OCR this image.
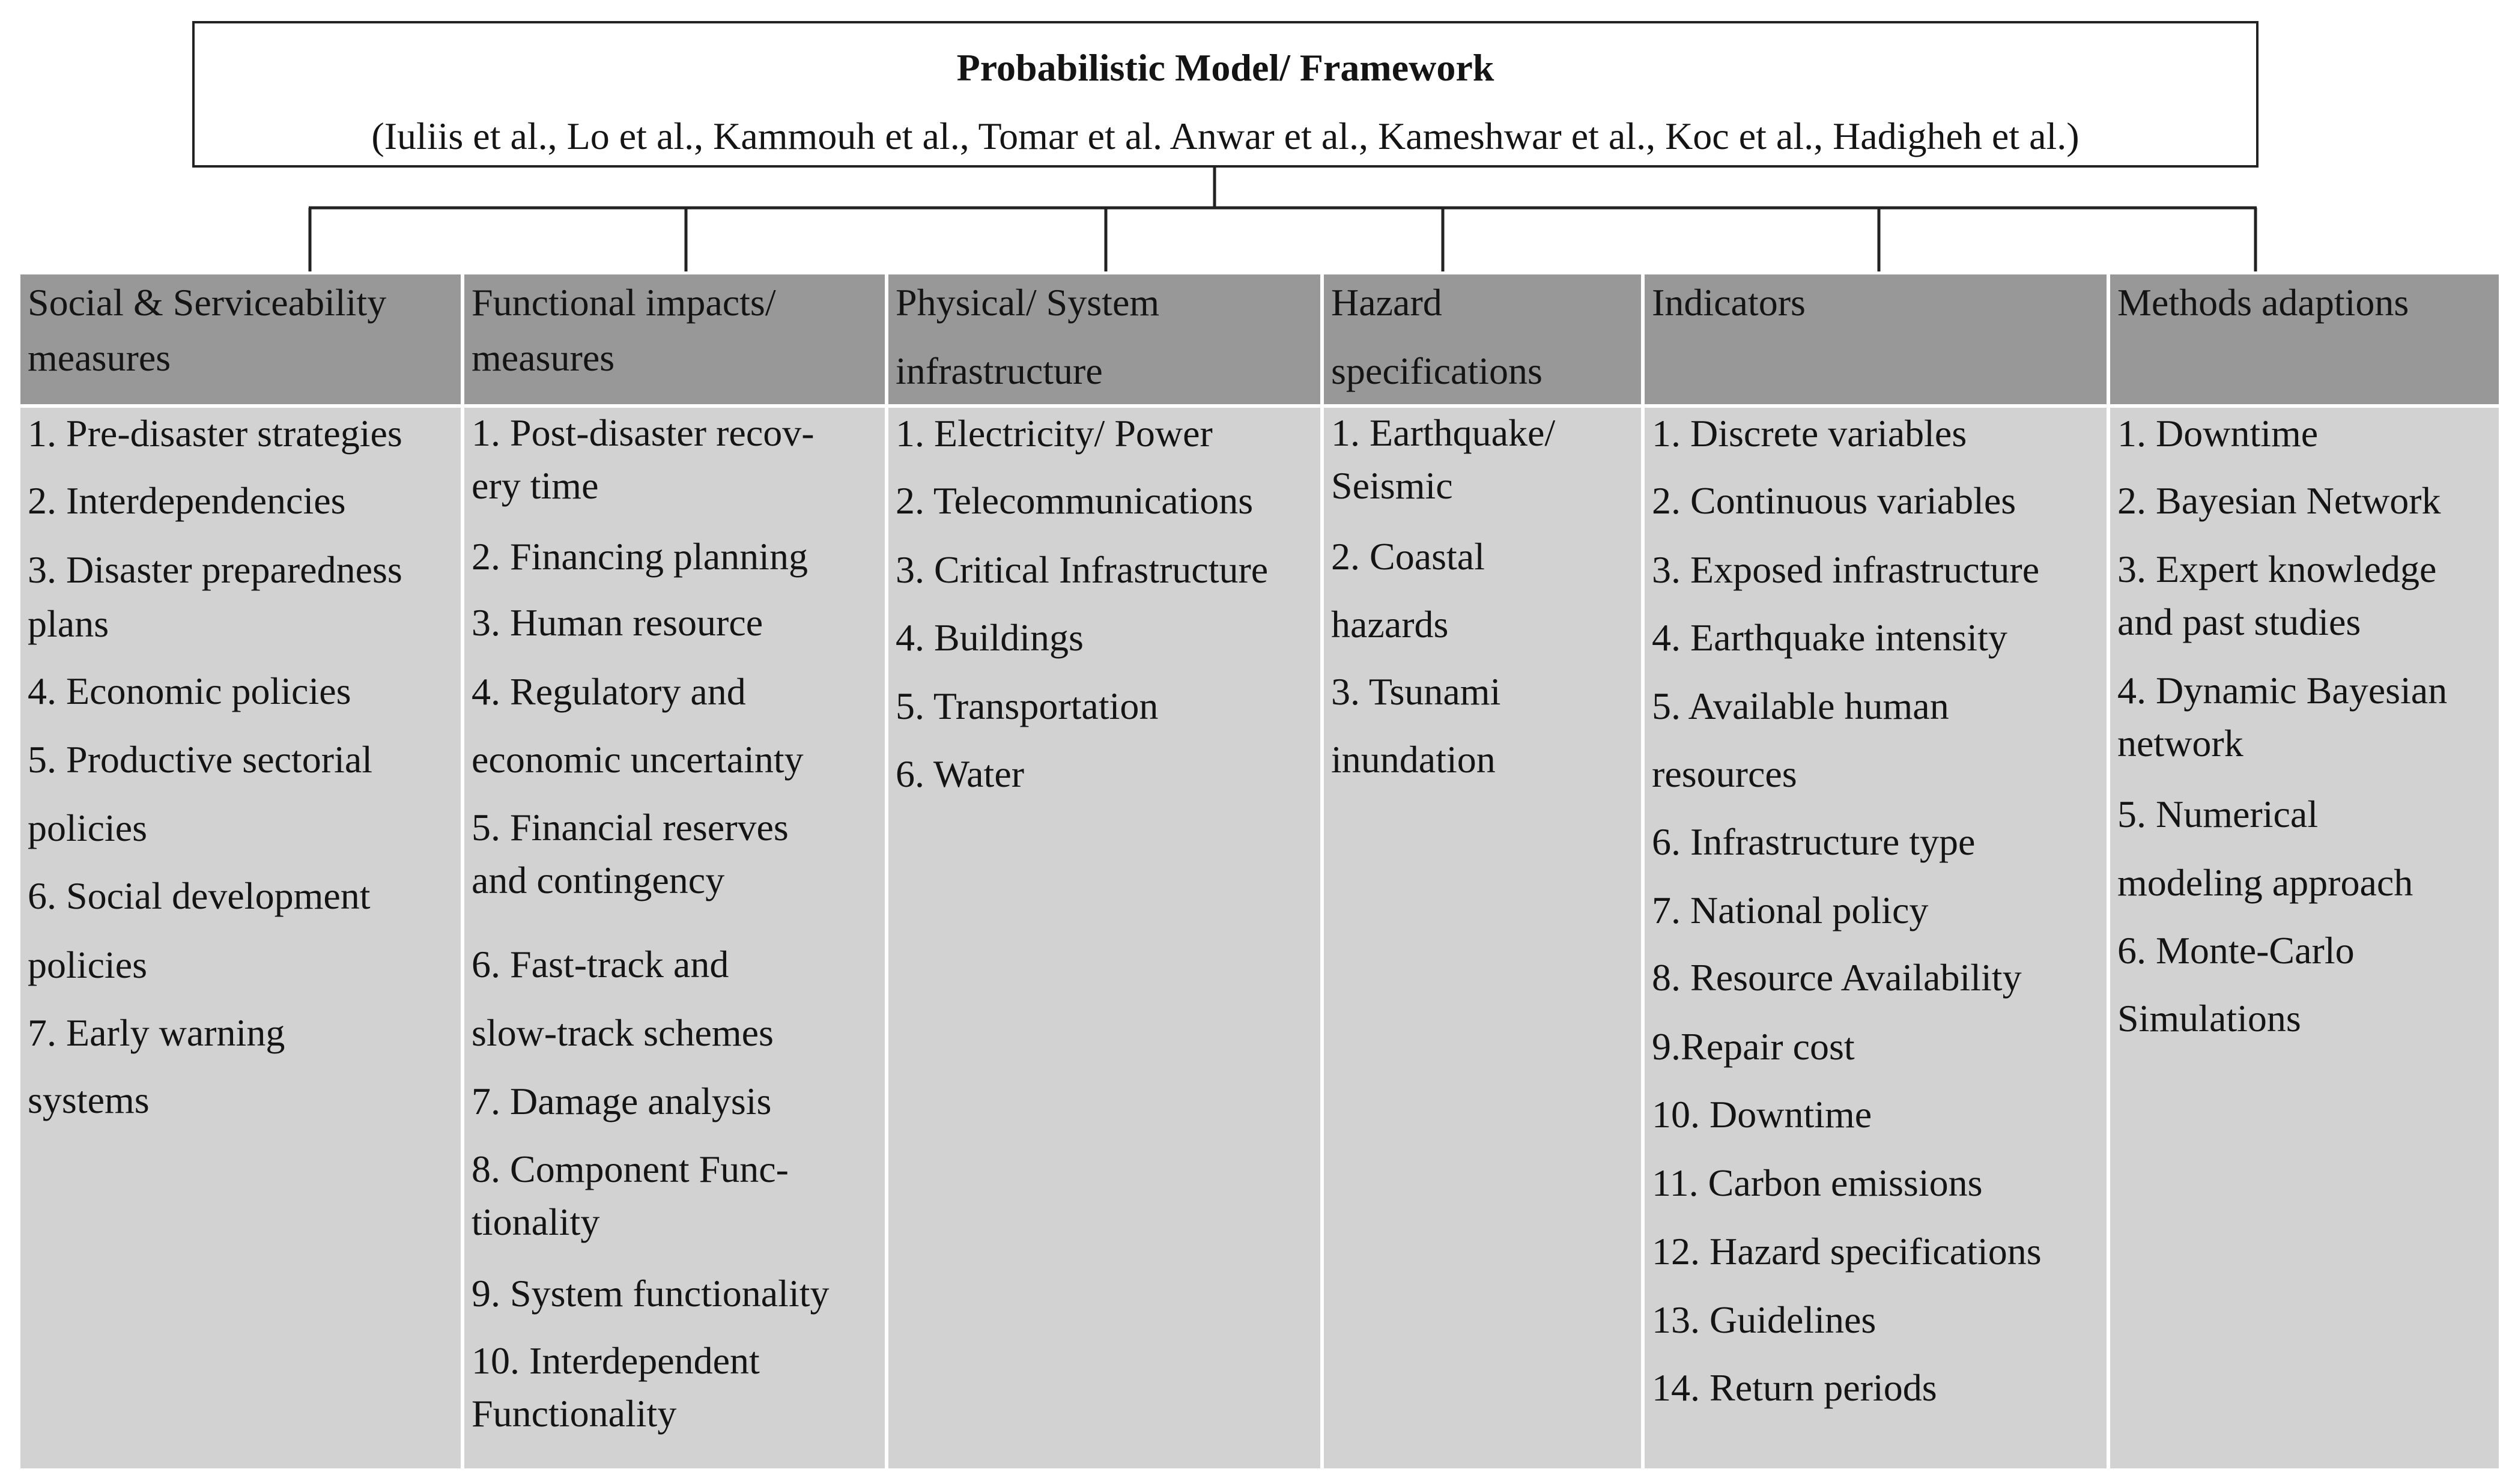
Probabilistic Model/ Framework
(Iuliis et al., Lo et al., Kammouh et al., Tomar et al. Anwar et al., Kameshwar et al., Koc et al., Hadigheh et al.)
Social & Serviceability
measures
1. Pre-disaster strategies
2. Interdependencies
3. Disaster preparedness
plans
4. Economic policies
5. Productive sectorial
policies
6. Social development
policies
7. Early warning
systems
Functional impacts/
measures
1. Post-disaster recov-
ery time
2. Financing planning
3. Human resource
4. Regulatory and
economic uncertainty
5. Financial reserves
and contingency
6. Fast-track and
slow-track schemes
7. Damage analysis
8. Component Func-
tionality
9. System functionality
10. Interdependent
Functionality
Physical/ System
infrastructure
1. Electricity/ Power
2. Telecommunications
3. Critical Infrastructure
4. Buildings
5. Transportation
6. Water
Hazard
specifications
1. Earthquake/
Seismic
2. Coastal
hazards
3. Tsunami
inundation
Indicators
1. Discrete variables
2. Continuous variables
3. Exposed infrastructure
4. Earthquake intensity
5. Available human
resources
6. Infrastructure type
7. National policy
8. Resource Availability
9.Repair cost
10. Downtime
11. Carbon emissions
12. Hazard specifications
13. Guidelines
14. Return periods
Methods adaptions
1. Downtime
2. Bayesian Network
3. Expert knowledge
and past studies
4. Dynamic Bayesian
network
5. Numerical
modeling approach
6. Monte-Carlo
Simulations
